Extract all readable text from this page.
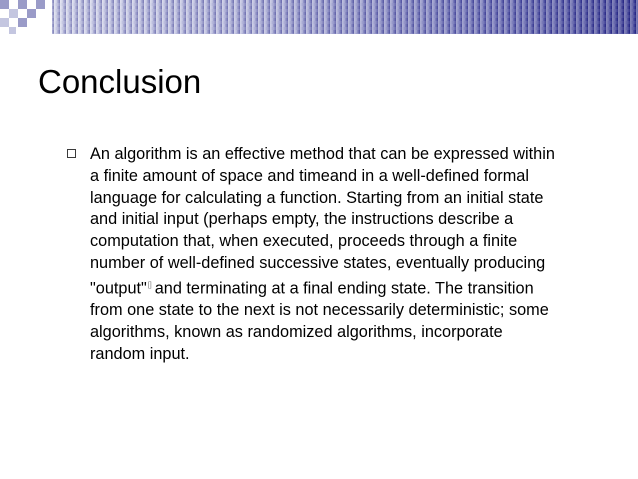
Conclusion
An algorithm is an effective method that can be expressed within
a finite amount of space and timeand in a well-defined formal
language for calculating a function. Starting from an initial state
and initial input (perhaps empty, the instructions describe a
computation that, when executed, proceeds through a finite
number of well-defined successive states, eventually producing
"output"[] and terminating at a final ending state. The transition
from one state to the next is not necessarily deterministic; some
algorithms, known as randomized algorithms, incorporate
random input.
